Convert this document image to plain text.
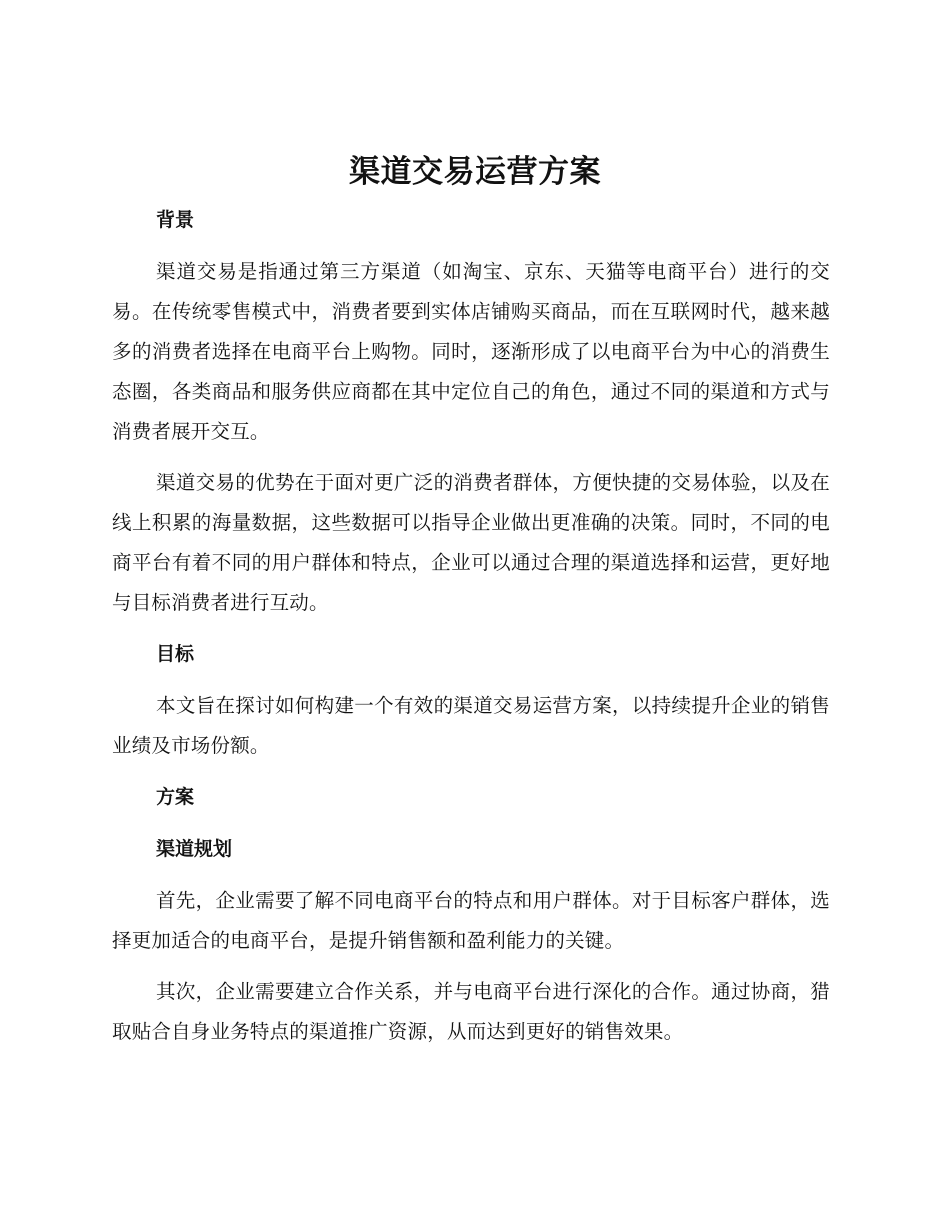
渠道交易运营方案
背景

渠道交易是指通过第三方渠道（如淘宝、京东、天猫等电商平台）进行的交易。在传统零售模式中，消费者要到实体店铺购买商品，而在互联网时代，越来越多的消费者选择在电商平台上购物。同时，逐渐形成了以电商平台为中心的消费生态圈，各类商品和服务供应商都在其中定位自己的角色，通过不同的渠道和方式与消费者展开交互。

渠道交易的优势在于面对更广泛的消费者群体，方便快捷的交易体验，以及在线上积累的海量数据，这些数据可以指导企业做出更准确的决策。同时，不同的电商平台有着不同的用户群体和特点，企业可以通过合理的渠道选择和运营，更好地与目标消费者进行互动。

目标

本文旨在探讨如何构建一个有效的渠道交易运营方案，以持续提升企业的销售业绩及市场份额。

方案
渠道规划

首先，企业需要了解不同电商平台的特点和用户群体。对于目标客户群体，选择更加适合的电商平台，是提升销售额和盈利能力的关键。

其次，企业需要建立合作关系，并与电商平台进行深化的合作。通过协商，猎取贴合自身业务特点的渠道推广资源，从而达到更好的销售效果。
